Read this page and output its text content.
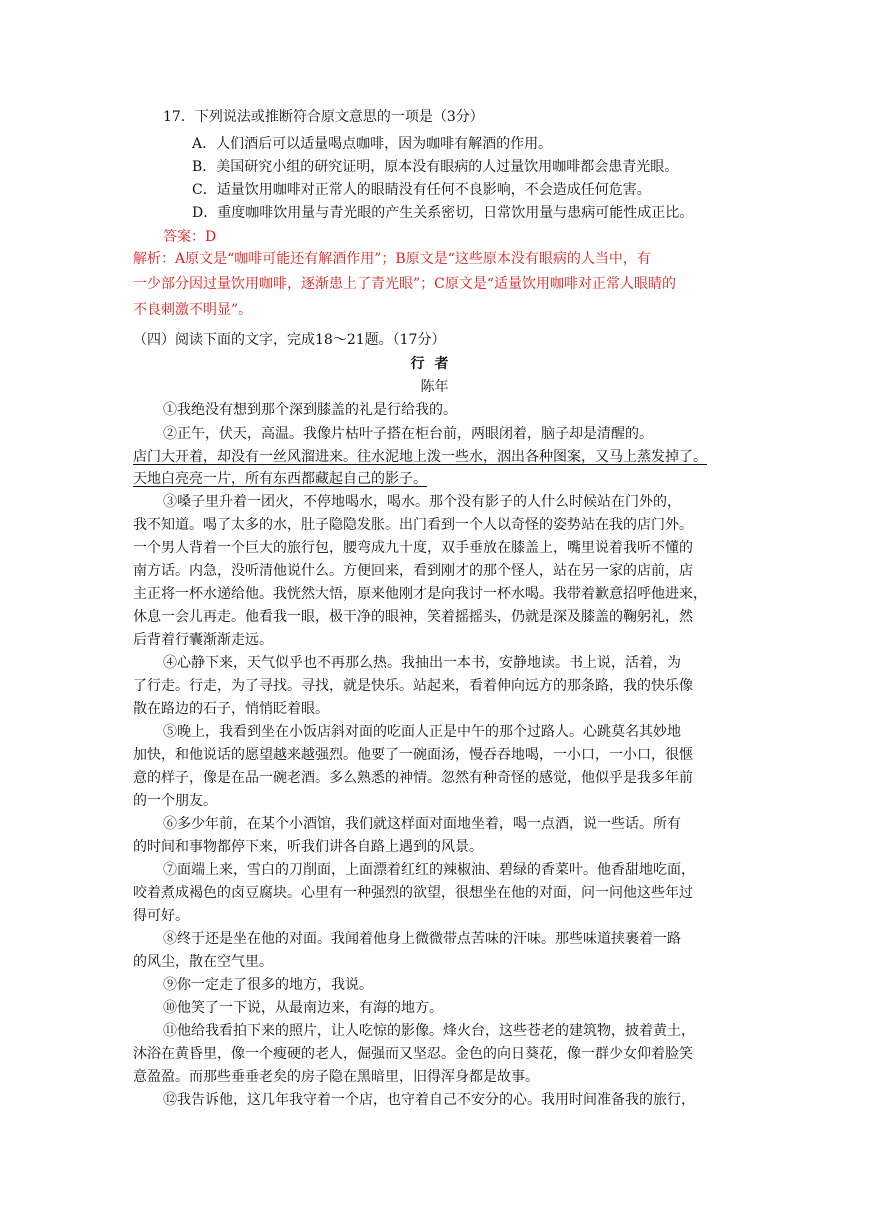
17．下列说法或推断符合原文意思的一项是（3分）
A．人们酒后可以适量喝点咖啡，因为咖啡有解酒的作用。
B．美国研究小组的研究证明，原本没有眼病的人过量饮用咖啡都会患青光眼。
C．适量饮用咖啡对正常人的眼睛没有任何不良影响，不会造成任何危害。
D．重度咖啡饮用量与青光眼的产生关系密切，日常饮用量与患病可能性成正比。
答案：D
解析：A原文是“咖啡可能还有解酒作用”；B原文是“这些原本没有眼病的人当中，有
一少部分因过量饮用咖啡，逐渐患上了青光眼”；C原文是“适量饮用咖啡对正常人眼睛的
不良刺激不明显”。
（四）阅读下面的文字，完成18～21题。（17分）
行者
陈年
①我绝没有想到那个深到膝盖的礼是行给我的。
②正午，伏天，高温。我像片枯叶子搭在柜台前，两眼闭着，脑子却是清醒的。
店门大开着，却没有一丝风溜进来。往水泥地上泼一些水，洇出各种图案，又马上蒸发掉了。
天地白亮亮一片，所有东西都藏起自己的影子。
③嗓子里升着一团火，不停地喝水，喝水。那个没有影子的人什么时候站在门外的，
我不知道。喝了太多的水，肚子隐隐发胀。出门看到一个人以奇怪的姿势站在我的店门外。
一个男人背着一个巨大的旅行包，腰弯成九十度，双手垂放在膝盖上，嘴里说着我听不懂的
南方话。内急，没听清他说什么。方便回来，看到刚才的那个怪人，站在另一家的店前，店
主正将一杯水递给他。我恍然大悟，原来他刚才是向我讨一杯水喝。我带着歉意招呼他进来，
休息一会儿再走。他看我一眼，极干净的眼神，笑着摇摇头，仍就是深及膝盖的鞠躬礼，然
后背着行囊渐渐走远。
④心静下来，天气似乎也不再那么热。我抽出一本书，安静地读。书上说，活着，为
了行走。行走，为了寻找。寻找，就是快乐。站起来，看着伸向远方的那条路，我的快乐像
散在路边的石子，悄悄眨着眼。
⑤晚上，我看到坐在小饭店斜对面的吃面人正是中午的那个过路人。心跳莫名其妙地
加快，和他说话的愿望越来越强烈。他要了一碗面汤，慢吞吞地喝，一小口，一小口，很惬
意的样子，像是在品一碗老酒。多么熟悉的神情。忽然有种奇怪的感觉，他似乎是我多年前
的一个朋友。
⑥多少年前，在某个小酒馆，我们就这样面对面地坐着，喝一点酒，说一些话。所有
的时间和事物都停下来，听我们讲各自路上遇到的风景。
⑦面端上来，雪白的刀削面，上面漂着红红的辣椒油、碧绿的香菜叶。他香甜地吃面，
咬着煮成褐色的卤豆腐块。心里有一种强烈的欲望，很想坐在他的对面，问一问他这些年过
得可好。
⑧终于还是坐在他的对面。我闻着他身上微微带点苦味的汗味。那些味道挟裹着一路
的风尘，散在空气里。
⑨你一定走了很多的地方，我说。
⑩他笑了一下说，从最南边来，有海的地方。
⑪他给我看拍下来的照片，让人吃惊的影像。烽火台，这些苍老的建筑物，披着黄土，
沐浴在黄昏里，像一个瘦硬的老人，倔强而又坚忍。金色的向日葵花，像一群少女仰着脸笑
意盈盈。而那些垂垂老矣的房子隐在黑暗里，旧得浑身都是故事。
⑫我告诉他，这几年我守着一个店，也守着自己不安分的心。我用时间准备我的旅行，
